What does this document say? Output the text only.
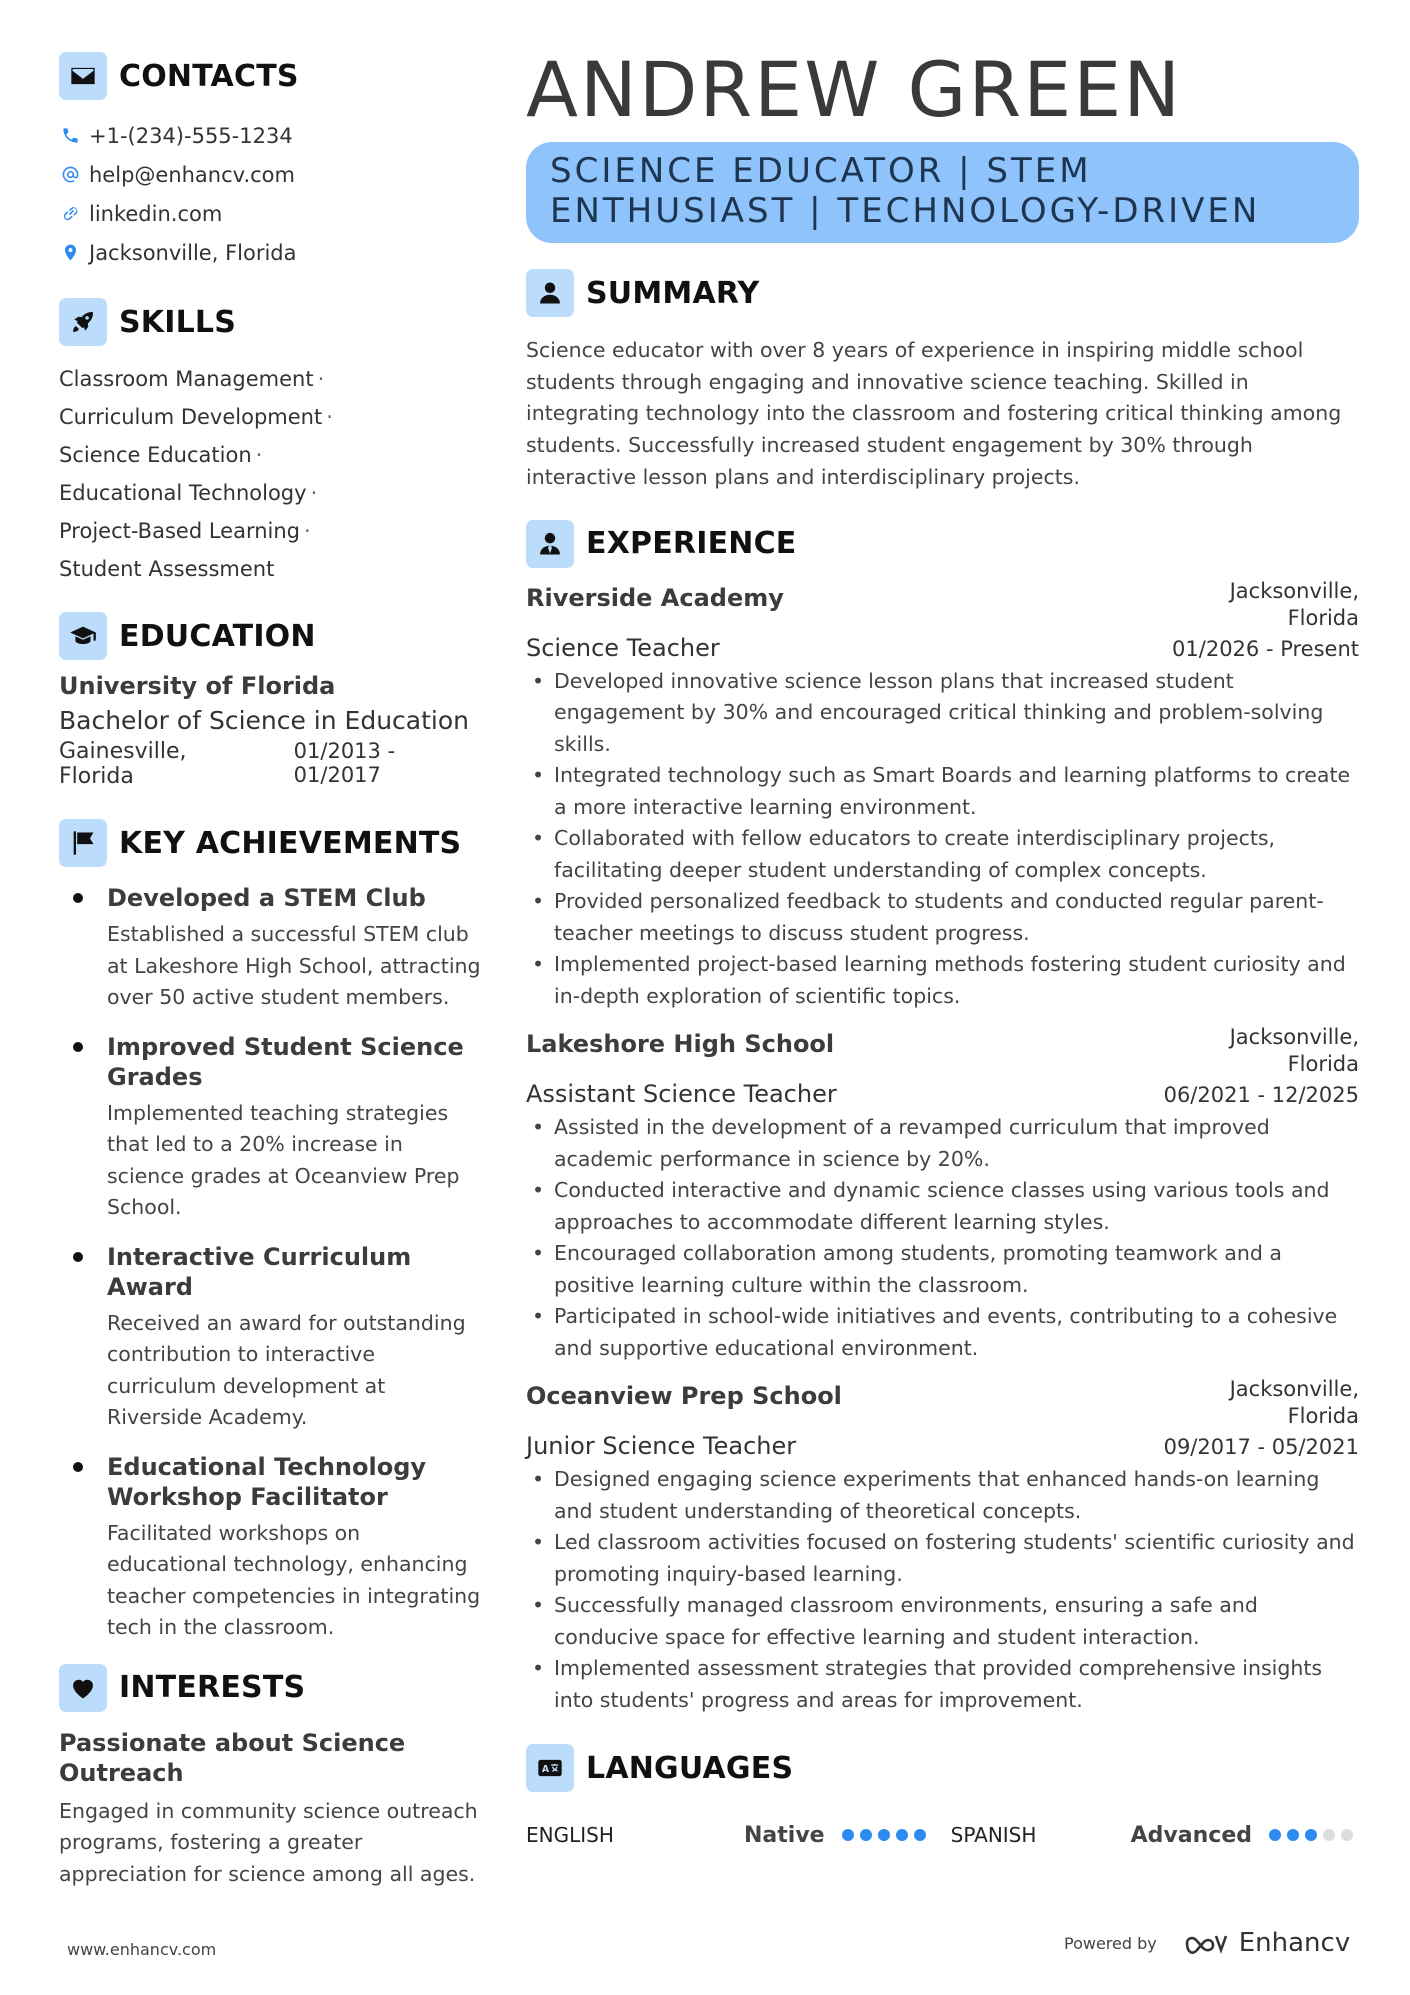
CONTACTS
+1-(234)-555-1234
help@enhancv.com
linkedin.com
Jacksonville, Florida
SKILLS
Classroom Management ·
Curriculum Development ·
Science Education ·
Educational Technology ·
Project-Based Learning ·
Student Assessment
EDUCATION
University of Florida
Bachelor of Science in Education
Gainesville, Florida
01/2013 - 01/2017
KEY ACHIEVEMENTS
Developed a STEM Club
Established a successful STEM club at Lakeshore High School, attracting over 50 active student members.
Improved Student Science Grades
Implemented teaching strategies that led to a 20% increase in science grades at Oceanview Prep School.
Interactive Curriculum Award
Received an award for outstanding contribution to interactive curriculum development at Riverside Academy.
Educational Technology Workshop Facilitator
Facilitated workshops on educational technology, enhancing teacher competencies in integrating tech in the classroom.
INTERESTS
Passionate about Science Outreach
Engaged in community science outreach programs, fostering a greater appreciation for science among all ages.
ANDREW GREEN
SCIENCE EDUCATOR | STEM ENTHUSIAST | TECHNOLOGY-DRIVEN
SUMMARY
Science educator with over 8 years of experience in inspiring middle school students through engaging and innovative science teaching. Skilled in integrating technology into the classroom and fostering critical thinking among students. Successfully increased student engagement by 30% through interactive lesson plans and interdisciplinary projects.
EXPERIENCE
Riverside Academy	Jacksonville,
Florida
Science Teacher	01/2026 - Present
• Developed innovative science lesson plans that increased student engagement by 30% and encouraged critical thinking and problem-solving skills.
• Integrated technology such as Smart Boards and learning platforms to create a more interactive learning environment.
• Collaborated with fellow educators to create interdisciplinary projects, facilitating deeper student understanding of complex concepts.
• Provided personalized feedback to students and conducted regular parent-teacher meetings to discuss student progress.
• Implemented project-based learning methods fostering student curiosity and in-depth exploration of scientific topics.
Lakeshore High School	Jacksonville,
Florida
Assistant Science Teacher	06/2021 - 12/2025
• Assisted in the development of a revamped curriculum that improved academic performance in science by 20%.
• Conducted interactive and dynamic science classes using various tools and approaches to accommodate different learning styles.
• Encouraged collaboration among students, promoting teamwork and a positive learning culture within the classroom.
• Participated in school-wide initiatives and events, contributing to a cohesive and supportive educational environment.
Oceanview Prep School	Jacksonville,
Florida
Junior Science Teacher	09/2017 - 05/2021
• Designed engaging science experiments that enhanced hands-on learning and student understanding of theoretical concepts.
• Led classroom activities focused on fostering students' scientific curiosity and promoting inquiry-based learning.
• Successfully managed classroom environments, ensuring a safe and conducive space for effective learning and student interaction.
• Implemented assessment strategies that provided comprehensive insights into students' progress and areas for improvement.
A LANGUAGES
ENGLISH	Native	SPANISH	Advanced
www.enhancv.com	Powered by	Enhancv
